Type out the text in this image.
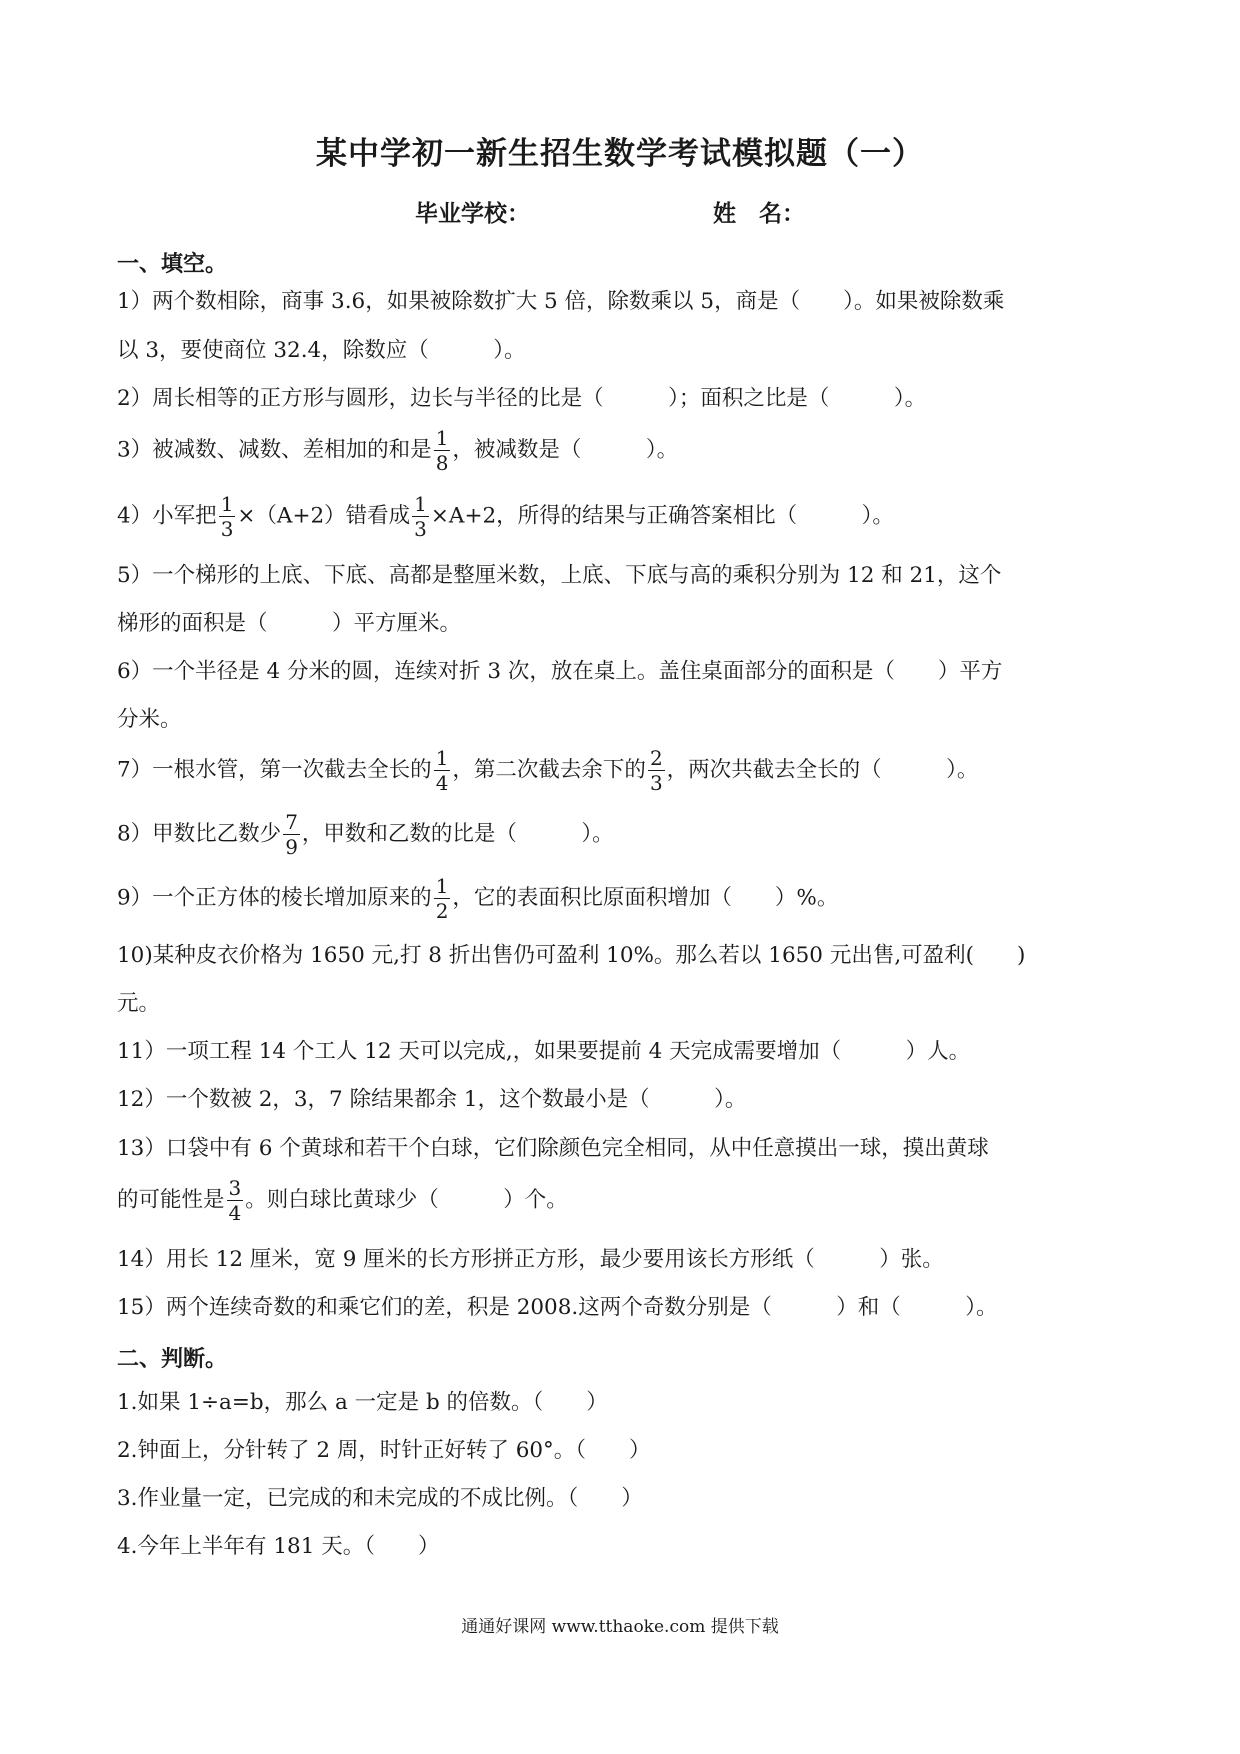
某中学初一新生招生数学考试模拟题（一）
毕业学校：	姓　名：
一、填空。
1）两个数相除，商事 3.6，如果被除数扩大 5 倍，除数乘以 5，商是（　　）。如果被除数乘
以 3，要使商位 32.4，除数应（　　　）。
2）周长相等的正方形与圆形，边长与半径的比是（　　　）；面积之比是（　　　）。
3）被减数、减数、差相加的和是 $\frac{1}{8}$ ，被减数是（　　　）。
4）小军把 $\frac{1}{3} \times(A+2)$错看成 $\frac{1}{3} \times A+2$，所得的结果与正确答案相比（　　　）。
5）一个梯形的上底、下底、高都是整厘米数，上底、下底与高的乘积分别为 12 和 21，这个
梯形的面积是（　　　）平方厘米。
6）一个半径是 4 分米的圆，连续对折 3 次，放在桌上。盖住桌面部分的面积是（　　）平方
分米。
7）一根水管，第一次截去全长的 $\frac{1}{4}$ ，第二次截去余下的 $\frac{2}{3}$ ，两次共截去全长的（　　　）。
8）甲数比乙数少 $\frac{7}{9}$ ，甲数和乙数的比是（　　　）。
9）一个正方体的棱长增加原来的 $\frac{1}{2}$ ，它的表面积比原面积增加（　　）%。
10)某种皮衣价格为 1650 元,打 8 折出售仍可盈利 10%。那么若以 1650 元出售,可盈利(　　)
元。
11）一项工程 14 个工人 12 天可以完成,，如果要提前 4 天完成需要增加（　　　）人。
12）一个数被 2，3，7 除结果都余 1，这个数最小是（　　　）。
13）口袋中有 6 个黄球和若干个白球，它们除颜色完全相同，从中任意摸出一球，摸出黄球
的可能性是 $\frac{3}{4}$ 。则白球比黄球少（　　　）个。
14）用长 12 厘米，宽 9 厘米的长方形拼正方形，最少要用该长方形纸（　　　）张。
15）两个连续奇数的和乘它们的差，积是 2008.这两个奇数分别是（　　　）和（　　　）。
二、判断。
1.如果 1÷a=b，那么 a 一定是 b 的倍数。（　　）
2.钟面上，分针转了 2 周，时针正好转了 60°。（　　）
3.作业量一定，已完成的和未完成的不成比例。（　　）
4.今年上半年有 181 天。（　　）
通通好课网 www.tthaoke.com 提供下载
